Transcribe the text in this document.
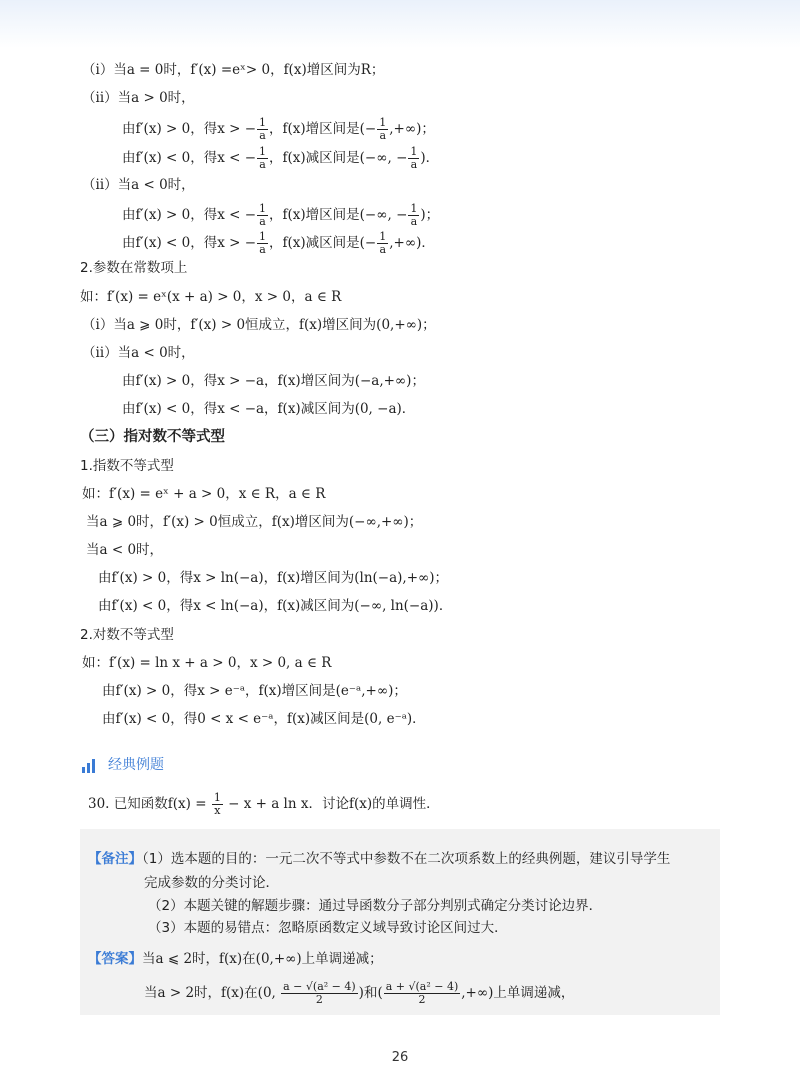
（ⅰ）当a = 0时，f′(x) =eˣ> 0，f(x)增区间为R；
（ⅱ）当a > 0时，
由f′(x) > 0，得x > − $\frac{1}{a}$ ，f(x)增区间是(− $\frac{1}{a}$ ,+∞)；
由f′(x) < 0，得x < − $\frac{1}{a}$ ，f(x)减区间是(−∞, − $\frac{1}{a}$ )．
（ⅱ）当a < 0时，
由f′(x) > 0，得x < − $\frac{1}{a}$ ，f(x)增区间是(−∞, − $\frac{1}{a}$ )；
由f′(x) < 0，得x > − $\frac{1}{a}$ ，f(x)减区间是(− $\frac{1}{a}$ ,+∞)．
2.参数在常数项上
如：f′(x) = eˣ(x + a) > 0，x > 0，a ∈ R
（ⅰ）当a ⩾ 0时，f′(x) > 0恒成立，f(x)增区间为(0,+∞)；
（ⅱ）当a < 0时，
由f′(x) > 0，得x > −a，f(x)增区间为(−a,+∞)；
由f′(x) < 0，得x < −a，f(x)减区间为(0, −a)．
（三）指对数不等式型
1.指数不等式型
如：f′(x) = eˣ + a > 0，x ∈ R，a ∈ R
当a ⩾ 0时，f′(x) > 0恒成立，f(x)增区间为(−∞,+∞)；
当a < 0时，
由f′(x) > 0，得x > ln(−a)，f(x)增区间为(ln(−a),+∞)；
由f′(x) < 0，得x < ln(−a)，f(x)减区间为(−∞, ln(−a))．
2.对数不等式型
如：f′(x) = ln x + a > 0，x > 0, a ∈ R
由f′(x) > 0，得x > e⁻ᵃ，f(x)增区间是(e⁻ᵃ,+∞)；
由f′(x) < 0，得0 < x < e⁻ᵃ，f(x)减区间是(0, e⁻ᵃ)．
经典例题
30. 已知函数$f(x) = \frac{1}{x} - x + a$ ln x．讨论f(x)的单调性．
【备注】（1）选本题的目的：一元二次不等式中参数不在二次项系数上的经典例题，建议引导学生
完成参数的分类讨论．
（2）本题关键的解题步骤：通过导函数分子部分判别式确定分类讨论边界．
（3）本题的易错点：忽略原函数定义域导致讨论区间过大．
【答案】当a ⩽ 2时，f(x)在(0,+∞)上单调递减；
当a > 2时，f(x)在(0, $\frac{\text{a − √(a² − 4)}}{2}$ )和( $\frac{\text{a + √(a² − 4)}}{2}$ ,+∞)上单调递减，
26
